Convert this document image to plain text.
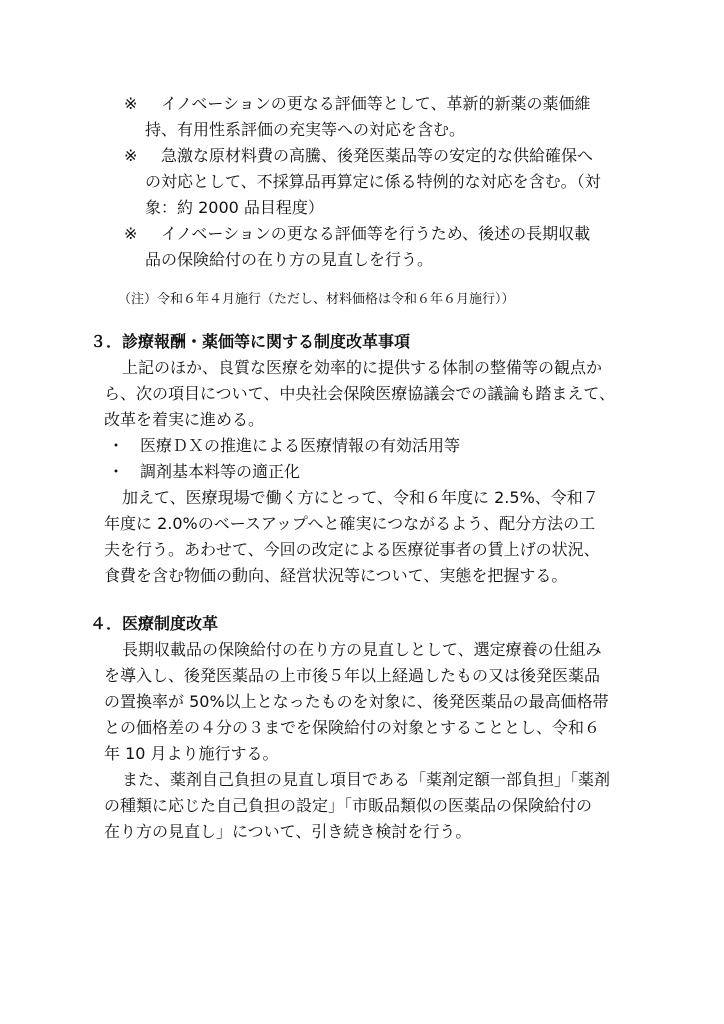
※ イノベーションの更なる評価等として、革新的新薬の薬価維
持、有用性系評価の充実等への対応を含む。
※ 急激な原材料費の高騰、後発医薬品等の安定的な供給確保へ
の対応として、不採算品再算定に係る特例的な対応を含む。（対
象：約 2000 品目程度）
※ イノベーションの更なる評価等を行うため、後述の長期収載
品の保険給付の在り方の見直しを行う。
（注）令和６年４月施行（ただし、材料価格は令和６年６月施行））
３．診療報酬・薬価等に関する制度改革事項
上記のほか、良質な医療を効率的に提供する体制の整備等の観点か
ら、次の項目について、中央社会保険医療協議会での議論も踏まえて、
改革を着実に進める。
・ 医療ＤＸの推進による医療情報の有効活用等
・ 調剤基本料等の適正化
加えて、医療現場で働く方にとって、令和６年度に 2.5%、令和７
年度に 2.0%のベースアップへと確実につながるよう、配分方法の工
夫を行う。あわせて、今回の改定による医療従事者の賃上げの状況、
食費を含む物価の動向、経営状況等について、実態を把握する。
４．医療制度改革
長期収載品の保険給付の在り方の見直しとして、選定療養の仕組み
を導入し、後発医薬品の上市後５年以上経過したもの又は後発医薬品
の置換率が 50%以上となったものを対象に、後発医薬品の最高価格帯
との価格差の４分の３までを保険給付の対象とすることとし、令和６
年 10 月より施行する。
また、薬剤自己負担の見直し項目である「薬剤定額一部負担」「薬剤
の種類に応じた自己負担の設定」「市販品類似の医薬品の保険給付の
在り方の見直し」について、引き続き検討を行う。
